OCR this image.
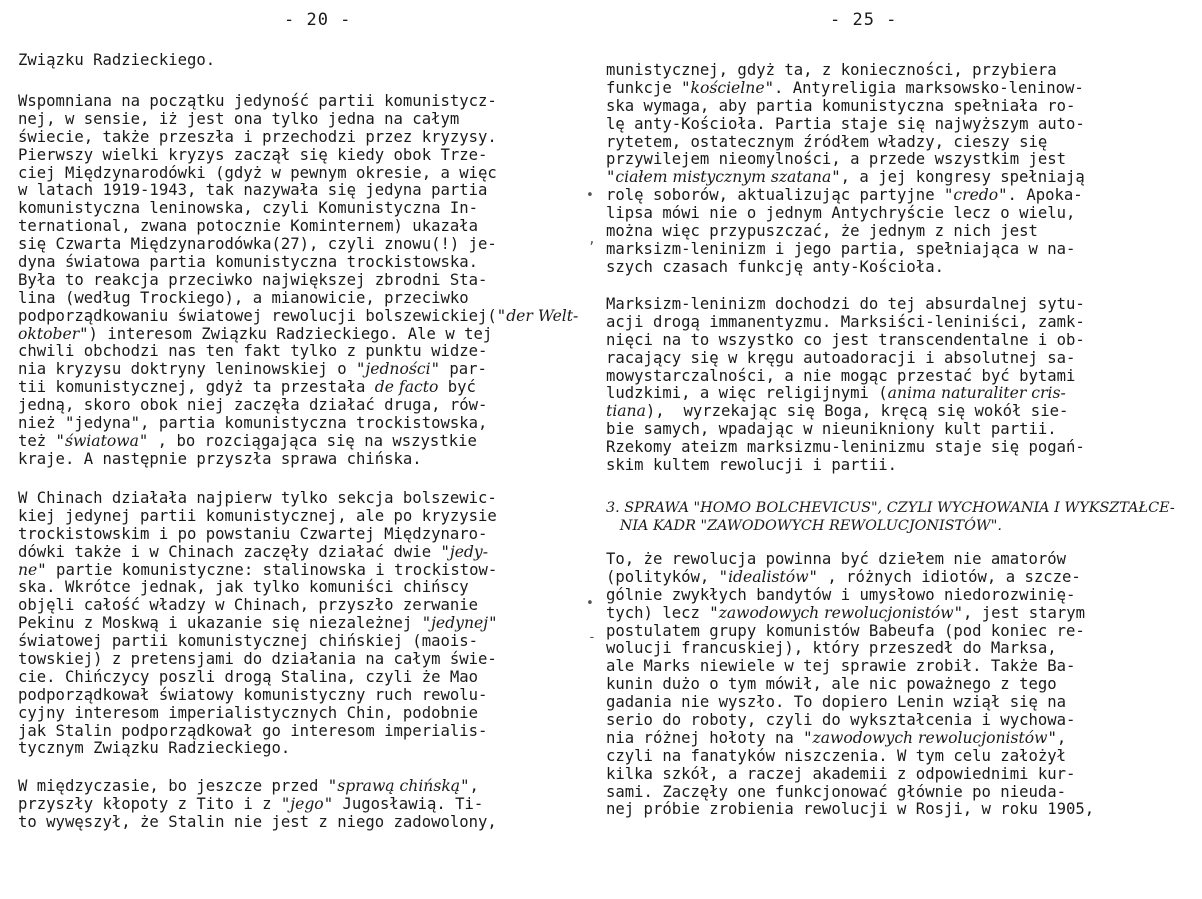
- 20 -
Związku Radzieckiego.
Wspomniana na początku jedyność partii komunistycz-
nej, w sensie, iż jest ona tylko jedna na całym
świecie, także przeszła i przechodzi przez kryzysy.
Pierwszy wielki kryzys zaczął się kiedy obok Trze-
ciej Międzynarodówki (gdyż w pewnym okresie, a więc
w latach 1919-1943, tak nazywała się jedyna partia
komunistyczna leninowska, czyli Komunistyczna In-
ternational, zwana potocznie Kominternem) ukazała
się Czwarta Międzynarodówka(27), czyli znowu(!) je-
dyna światowa partia komunistyczna trockistowska.
Była to reakcja przeciwko największej zbrodni Sta-
lina (według Trockiego), a mianowicie, przeciwko
podporządkowaniu światowej rewolucji bolszewickiej("der Welt-
oktober") interesom Związku Radzieckiego. Ale w tej
chwili obchodzi nas ten fakt tylko z punktu widze-
nia kryzysu doktryny leninowskiej o "jedności" par-
tii komunistycznej, gdyż ta przestała de facto być
jedną, skoro obok niej zaczęła działać druga, rów-
nież "jedyna", partia komunistyczna trockistowska,
też "światowa" , bo rozciągająca się na wszystkie
kraje. A następnie przyszła sprawa chińska.
W Chinach działała najpierw tylko sekcja bolszewic-
kiej jedynej partii komunistycznej, ale po kryzysie
trockistowskim i po powstaniu Czwartej Międzynaro-
dówki także i w Chinach zaczęły działać dwie "jedy-
ne" partie komunistyczne: stalinowska i trockistow-
ska. Wkrótce jednak, jak tylko komuniści chińscy
objęli całość władzy w Chinach, przyszło zerwanie
Pekinu z Moskwą i ukazanie się niezależnej "jedynej"
światowej partii komunistycznej chińskiej (maois-
towskiej) z pretensjami do działania na całym świe-
cie. Chińczycy poszli drogą Stalina, czyli że Mao
podporządkował światowy komunistyczny ruch rewolu-
cyjny interesom imperialistycznych Chin, podobnie
jak Stalin podporządkował go interesom imperialis-
tycznym Związku Radzieckiego.
W międzyczasie, bo jeszcze przed "sprawą chińską",
przyszły kłopoty z Tito i z "jego" Jugosławią. Ti-
to wywęszył, że Stalin nie jest z niego zadowolony,
- 25 -
munistycznej, gdyż ta, z konieczności, przybiera
funkcje "kościelne". Antyreligia marksowsko-leninow-
ska wymaga, aby partia komunistyczna spełniała ro-
lę anty-Kościoła. Partia staje się najwyższym auto-
rytetem, ostatecznym źródłem władzy, cieszy się
przywilejem nieomylności, a przede wszystkim jest
"ciałem mistycznym szatana", a jej kongresy spełniają
rolę soborów, aktualizując partyjne "credo". Apoka-
lipsa mówi nie o jednym Antychryście lecz o wielu,
można więc przypuszczać, że jednym z nich jest
marksizm-leninizm i jego partia, spełniająca w na-
szych czasach funkcję anty-Kościoła.
Marksizm-leninizm dochodzi do tej absurdalnej sytu-
acji drogą immanentyzmu. Marksiści-leniniści, zamk-
nięci na to wszystko co jest transcendentalne i ob-
racający się w kręgu autoadoracji i absolutnej sa-
mowystarczalności, a nie mogąc przestać być bytami
ludzkimi, a więc religijnymi (anima naturaliter cris-
tiana),  wyrzekając się Boga, kręcą się wokół sie-
bie samych, wpadając w nieunikniony kult partii.
Rzekomy ateizm marksizmu-leninizmu staje się pogań-
skim kultem rewolucji i partii.
3. SPRAWA "HOMO BOLCHEVICUS", CZYLI WYCHOWANIA I WYKSZTAŁCE-
NIA KADR "ZAWODOWYCH REWOLUCJONISTÓW".
To, że rewolucja powinna być dziełem nie amatorów
(polityków, "idealistów" , różnych idiotów, a szcze-
gólnie zwykłych bandytów i umysłowo niedorozwinię-
tych) lecz "zawodowych rewolucjonistów", jest starym
postulatem grupy komunistów Babeufa (pod koniec re-
wolucji francuskiej), który przeszedł do Marksa,
ale Marks niewiele w tej sprawie zrobił. Także Ba-
kunin dużo o tym mówił, ale nic poważnego z tego
gadania nie wyszło. To dopiero Lenin wziął się na
serio do roboty, czyli do wykształcenia i wychowa-
nia różnej hołoty na "zawodowych rewolucjonistów",
czyli na fanatyków niszczenia. W tym celu założył
kilka szkół, a raczej akademii z odpowiednimi kur-
sami. Zaczęły one funkcjonować głównie po nieuda-
nej próbie zrobienia rewolucji w Rosji, w roku 1905,
•
,
•
-
